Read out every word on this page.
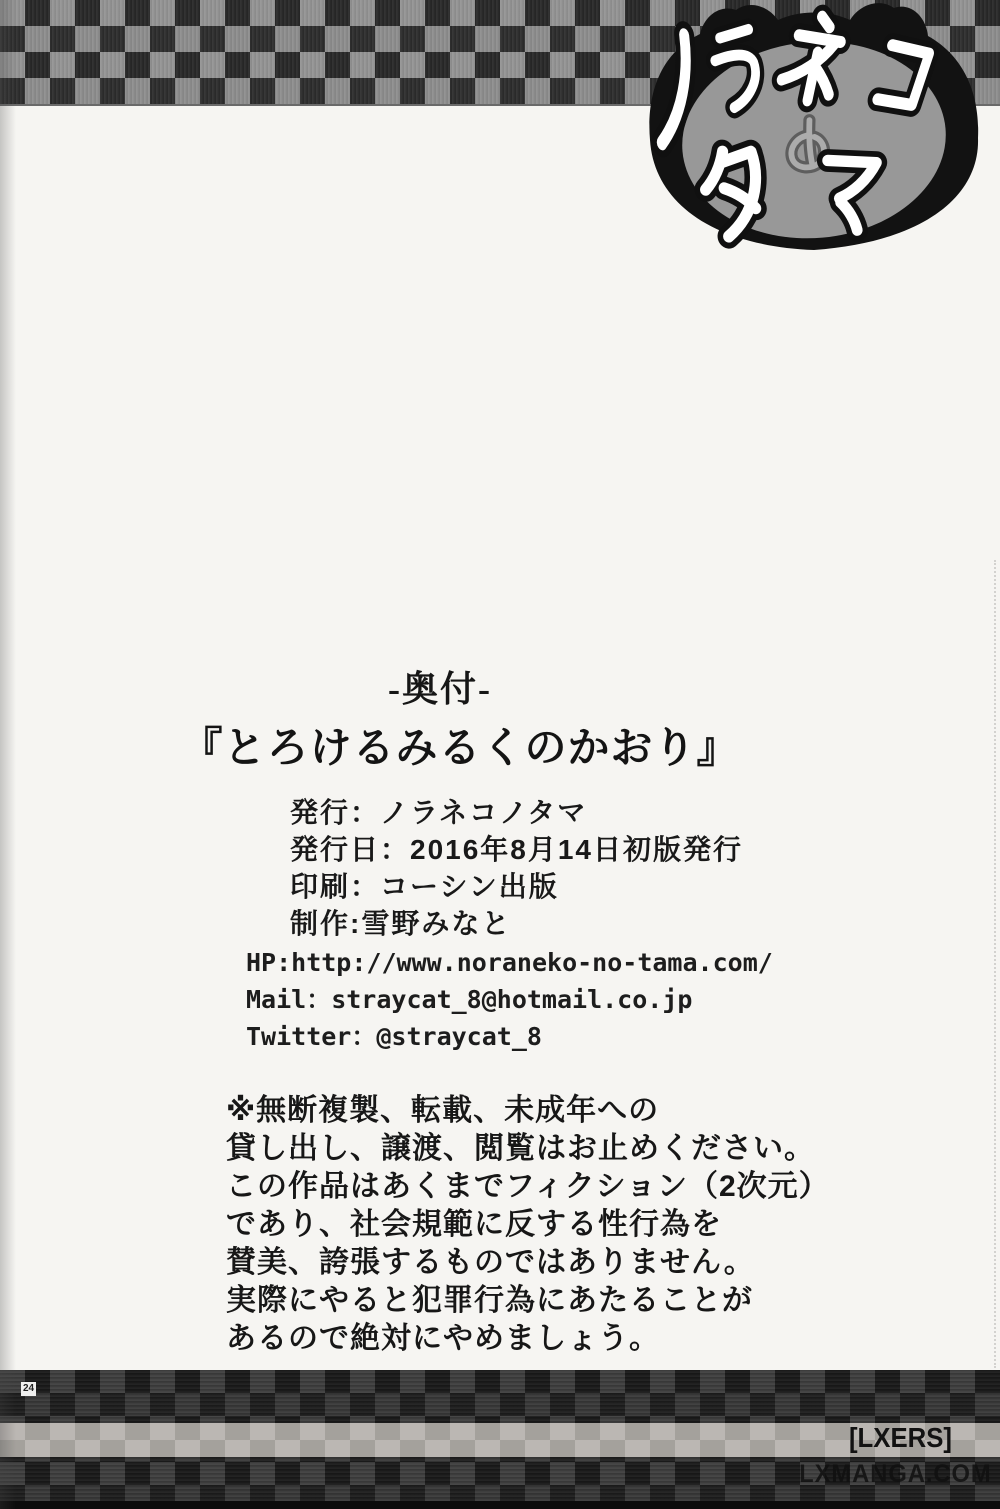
-奥付-
『とろけるみるくのかおり』
発行：ノラネコノタマ
発行日：2016年8月14日初版発行
印刷：コーシン出版
制作:雪野みなと
HP:http://www.noraneko-no-tama.com/
Mail：straycat_8@hotmail.co.jp
Twitter：@straycat_8
※無断複製、転載、未成年への
貸し出し、譲渡、閲覧はお止めください。
この作品はあくまでフィクション（2次元）
であり、社会規範に反する性行為を
賛美、誇張するものではありません。
実際にやると犯罪行為にあたることが
あるので絶対にやめましょう。
24
[LXERS]
LXMANGA.COM
